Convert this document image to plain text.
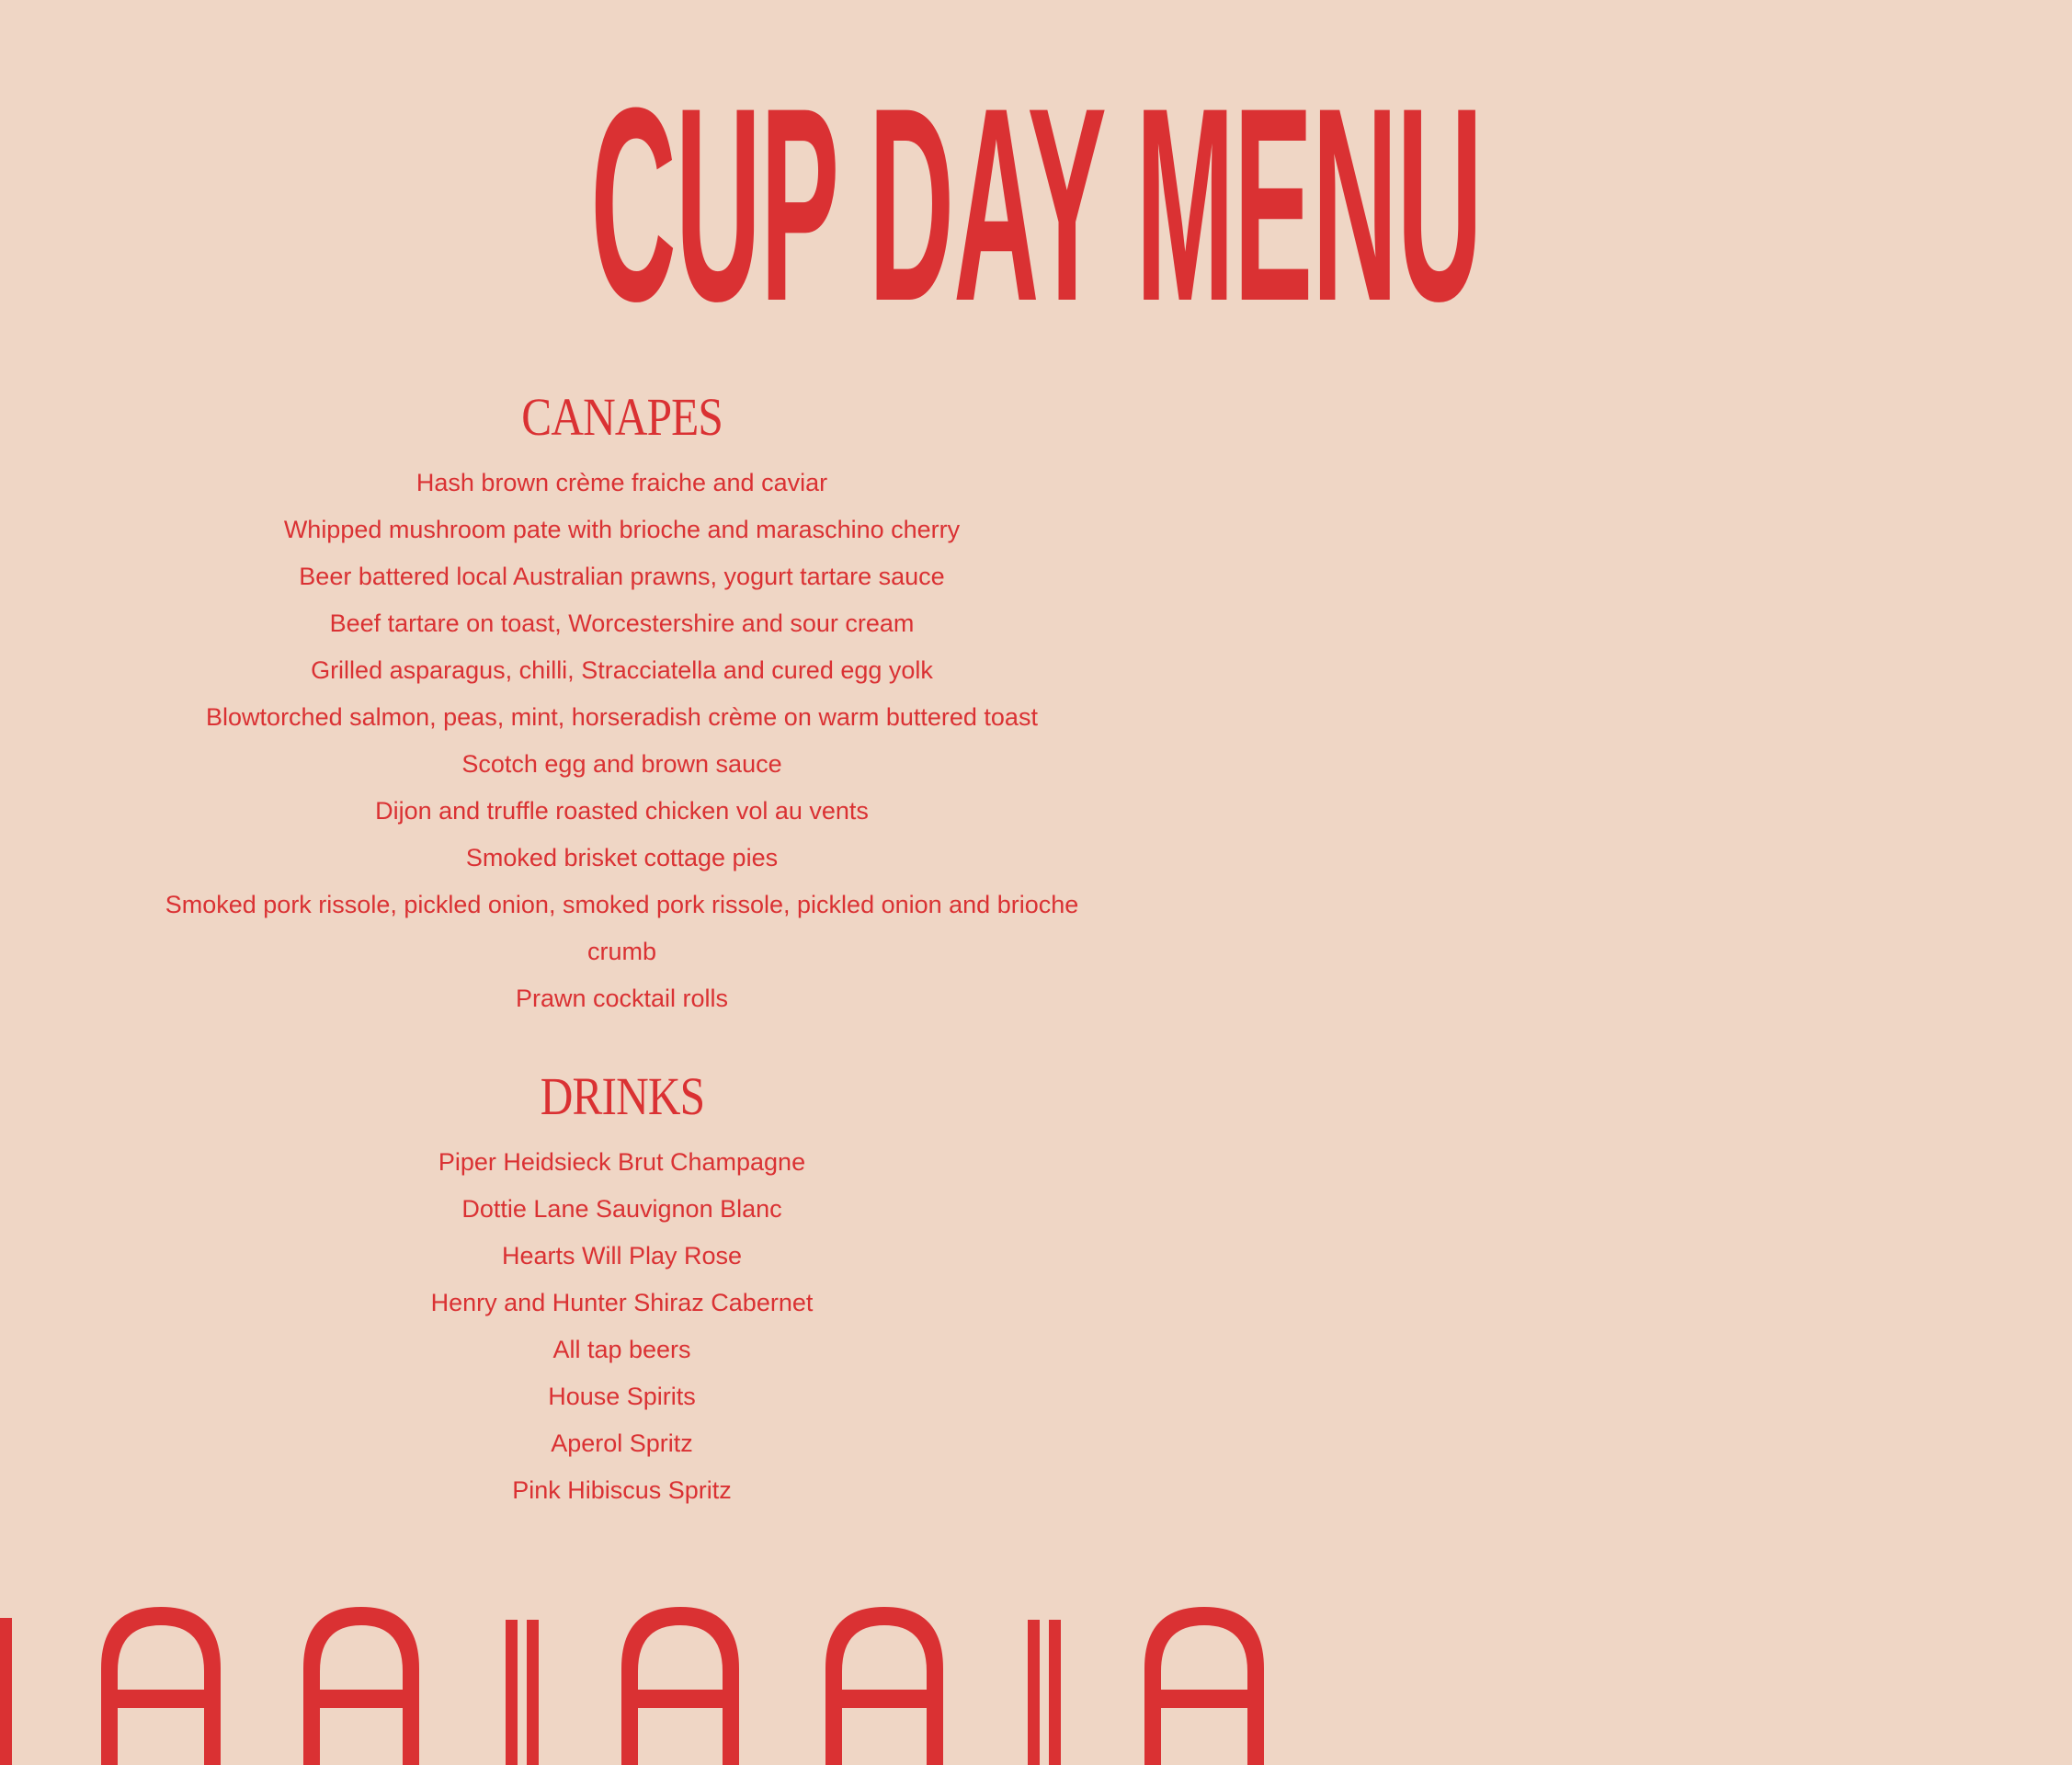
CUP DAY MENU
CANAPES
Hash brown crème fraiche and caviar
Whipped mushroom pate with brioche and maraschino cherry
Beer battered local Australian prawns, yogurt tartare sauce
Beef tartare on toast, Worcestershire and sour cream
Grilled asparagus, chilli, Stracciatella and cured egg yolk
Blowtorched salmon, peas, mint, horseradish crème on warm buttered toast
Scotch egg and brown sauce
Dijon and truffle roasted chicken vol au vents
Smoked brisket cottage pies
Smoked pork rissole, pickled onion, smoked pork rissole, pickled onion and brioche crumb
Prawn cocktail rolls
DRINKS
Piper Heidsieck Brut Champagne
Dottie Lane Sauvignon Blanc
Hearts Will Play Rose
Henry and Hunter Shiraz Cabernet
All tap beers
House Spirits
Aperol Spritz
Pink Hibiscus Spritz
